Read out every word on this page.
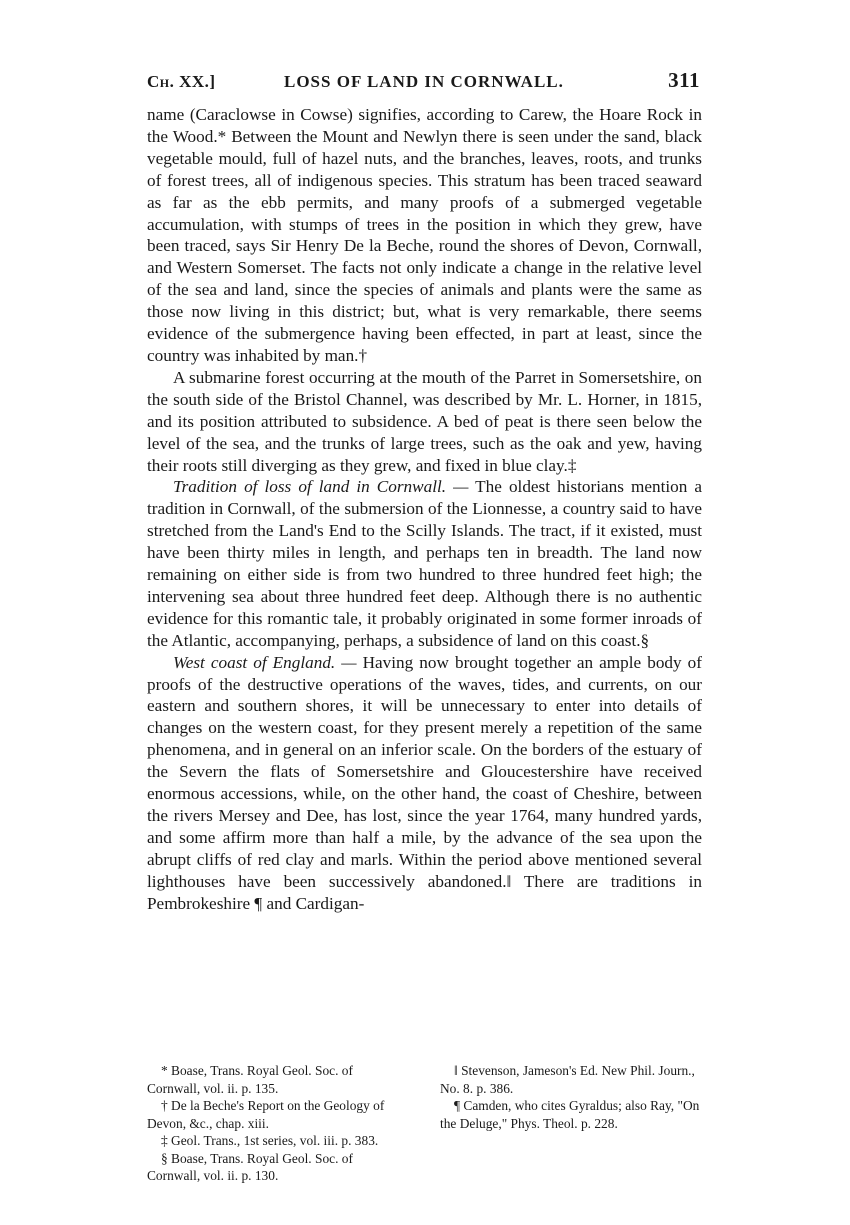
Ch. XX.]	LOSS OF LAND IN CORNWALL.	311

name (Caraclowse in Cowse) signifies, according to Carew, the Hoare Rock in the Wood.* Between the Mount and Newlyn there is seen under the sand, black vegetable mould, full of hazel nuts, and the branches, leaves, roots, and trunks of forest trees, all of indigenous species. This stratum has been traced seaward as far as the ebb permits, and many proofs of a submerged vegetable accumulation, with stumps of trees in the position in which they grew, have been traced, says Sir Henry De la Beche, round the shores of Devon, Cornwall, and Western Somerset. The facts not only indicate a change in the relative level of the sea and land, since the species of animals and plants were the same as those now living in this district; but, what is very remarkable, there seems evidence of the submergence having been effected, in part at least, since the country was inhabited by man.†

A submarine forest occurring at the mouth of the Parret in Somersetshire, on the south side of the Bristol Channel, was described by Mr. L. Horner, in 1815, and its position attributed to subsidence. A bed of peat is there seen below the level of the sea, and the trunks of large trees, such as the oak and yew, having their roots still diverging as they grew, and fixed in blue clay.‡

Tradition of loss of land in Cornwall. — The oldest historians mention a tradition in Cornwall, of the submersion of the Lionnesse, a country said to have stretched from the Land's End to the Scilly Islands. The tract, if it existed, must have been thirty miles in length, and perhaps ten in breadth. The land now remaining on either side is from two hundred to three hundred feet high; the intervening sea about three hundred feet deep. Although there is no authentic evidence for this romantic tale, it probably originated in some former inroads of the Atlantic, accompanying, perhaps, a subsidence of land on this coast.§

West coast of England. — Having now brought together an ample body of proofs of the destructive operations of the waves, tides, and currents, on our eastern and southern shores, it will be unnecessary to enter into details of changes on the western coast, for they present merely a repetition of the same phenomena, and in general on an inferior scale. On the borders of the estuary of the Severn the flats of Somersetshire and Gloucestershire have received enormous accessions, while, on the other hand, the coast of Cheshire, between the rivers Mersey and Dee, has lost, since the year 1764, many hundred yards, and some affirm more than half a mile, by the advance of the sea upon the abrupt cliffs of red clay and marls. Within the period above mentioned several lighthouses have been successively abandoned.‖ There are traditions in Pembrokeshire ¶ and Cardigan-

* Boase, Trans. Royal Geol. Soc. of Cornwall, vol. ii. p. 135.

† De la Beche's Report on the Geology of Devon, &c., chap. xiii.

‡ Geol. Trans., 1st series, vol. iii. p. 383.

§ Boase, Trans. Royal Geol. Soc. of Cornwall, vol. ii. p. 130.

‖ Stevenson, Jameson's Ed. New Phil. Journ., No. 8. p. 386.

¶ Camden, who cites Gyraldus; also Ray, "On the Deluge," Phys. Theol. p. 228.
